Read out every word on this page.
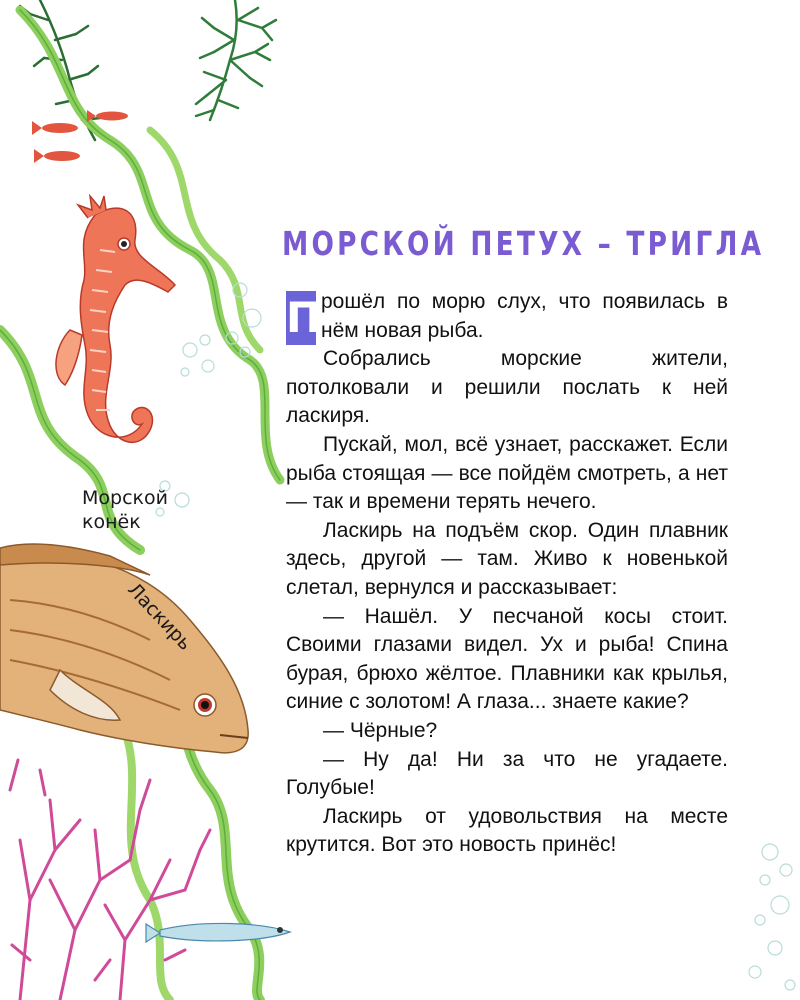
Морской конёк

Ласкирь

МОРСКОЙ ПЕТУХ – ТРИГЛА

П рошёл по морю слух, что появилась в нём новая рыба.

Собрались морские жители, потолковали и решили послать к ней ласкиря.

Пускай, мол, всё узнает, расскажет. Если рыба стоящая — все пойдём смотреть, а нет — так и времени терять нечего.

Ласкирь на подъём скор. Один плавник здесь, другой — там. Живо к новенькой слетал, вернулся и рассказывает:

— Нашёл. У песчаной косы стоит. Своими глазами видел. Ух и рыба! Спина бурая, брюхо жёлтое. Плавники как крылья, синие с золотом! А глаза... знаете какие?

— Чёрные?

— Ну да! Ни за что не угадаете. Голубые!

Ласкирь от удовольствия на месте крутится. Вот это новость принёс!
